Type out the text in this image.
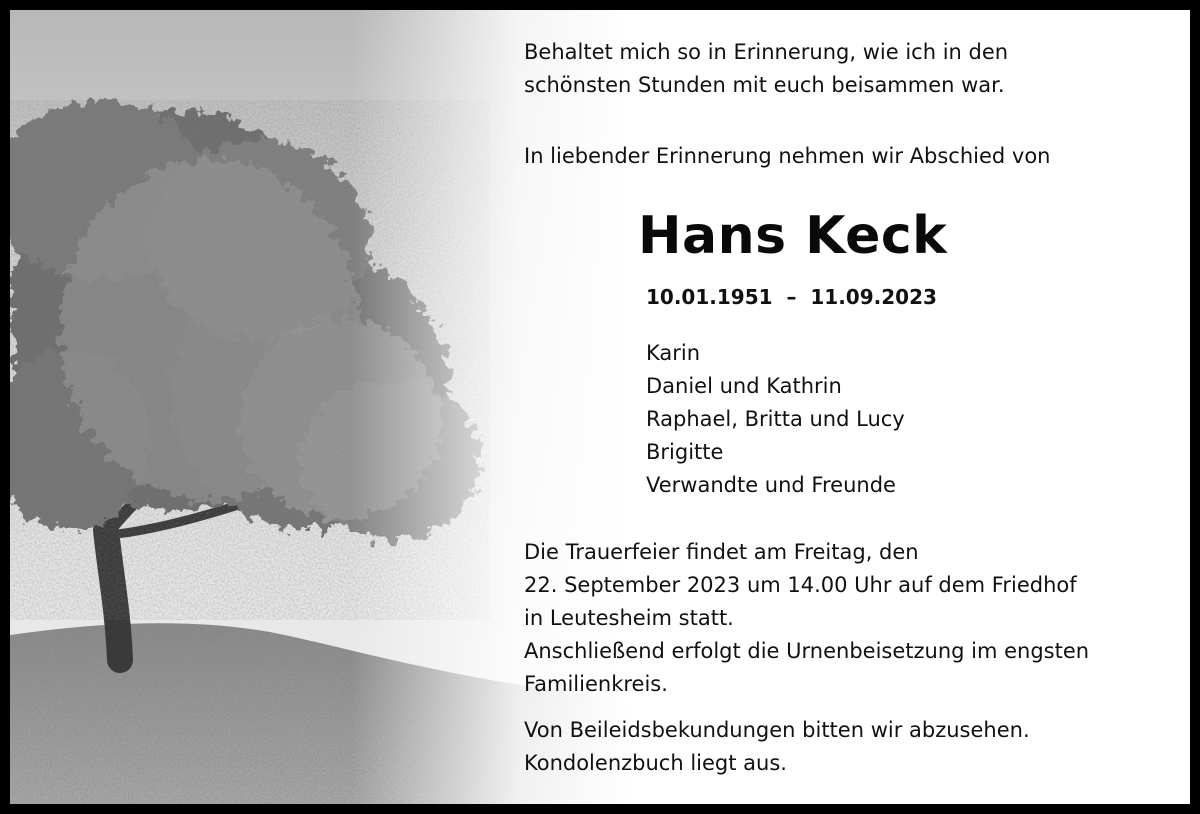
Behaltet mich so in Erinnerung, wie ich in den
schönsten Stunden mit euch beisammen war.
In liebender Erinnerung nehmen wir Abschied von
Hans Keck
10.01.1951  –  11.09.2023
Karin
Daniel und Kathrin
Raphael, Britta und Lucy
Brigitte
Verwandte und Freunde
Die Trauerfeier findet am Freitag, den
22. September 2023 um 14.00 Uhr auf dem Friedhof
in Leutesheim statt.
Anschließend erfolgt die Urnenbeisetzung im engsten
Familienkreis.
Von Beileidsbekundungen bitten wir abzusehen.
Kondolenzbuch liegt aus.
